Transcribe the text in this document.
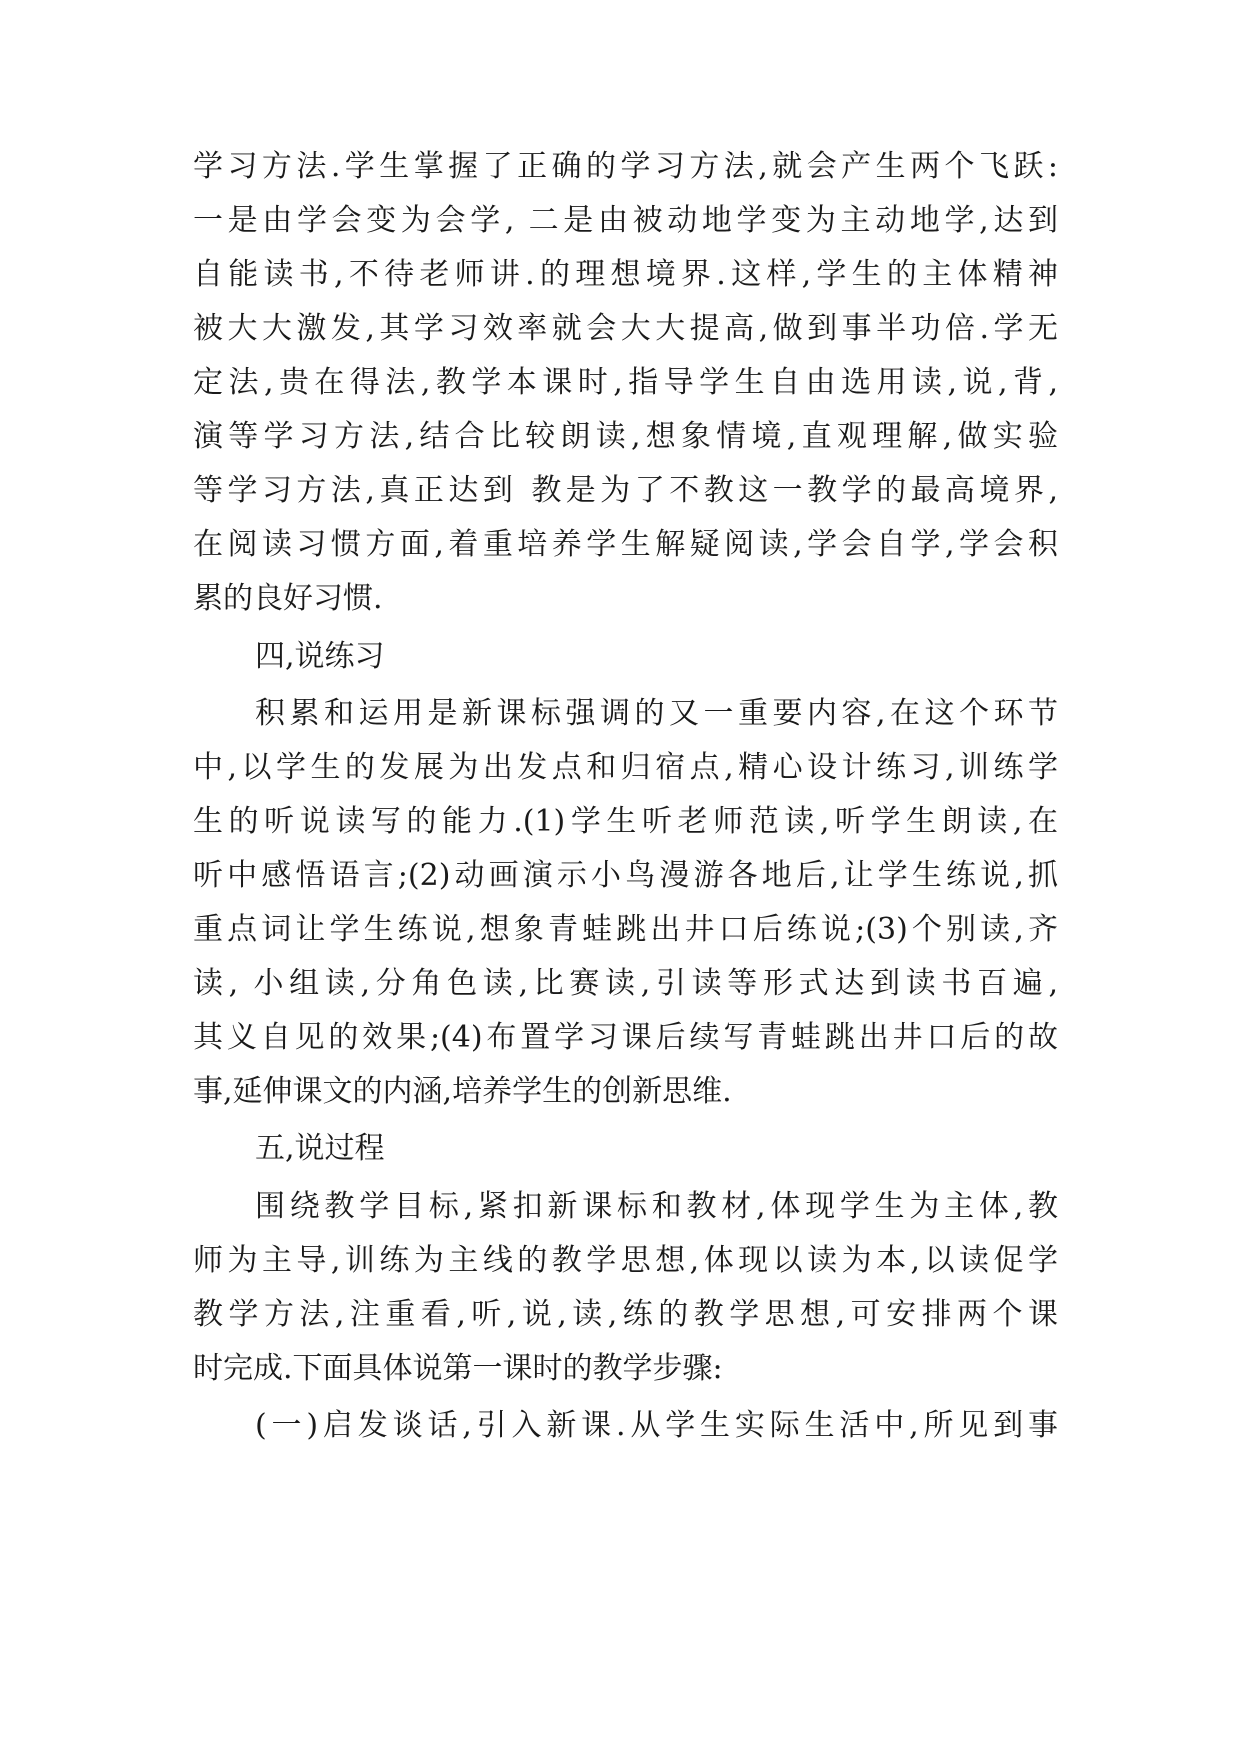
学习方法.学生掌握了正确的学习方法,就会产生两个飞跃:
一是由学会变为会学, 二是由被动地学变为主动地学,达到
自能读书,不待老师讲.的理想境界.这样,学生的主体精神
被大大激发,其学习效率就会大大提高,做到事半功倍.学无
定法,贵在得法,教学本课时,指导学生自由选用读,说,背,
演等学习方法,结合比较朗读,想象情境,直观理解,做实验
等学习方法,真正达到 教是为了不教这一教学的最高境界,
在阅读习惯方面,着重培养学生解疑阅读,学会自学,学会积
累的良好习惯.
四,说练习
积累和运用是新课标强调的又一重要内容,在这个环节
中,以学生的发展为出发点和归宿点,精心设计练习,训练学
生的听说读写的能力.(1)学生听老师范读,听学生朗读,在
听中感悟语言;(2)动画演示小鸟漫游各地后,让学生练说,抓
重点词让学生练说,想象青蛙跳出井口后练说;(3)个别读,齐
读, 小组读,分角色读,比赛读,引读等形式达到读书百遍,
其义自见的效果;(4)布置学习课后续写青蛙跳出井口后的故
事,延伸课文的内涵,培养学生的创新思维.
五,说过程
围绕教学目标,紧扣新课标和教材,体现学生为主体,教
师为主导,训练为主线的教学思想,体现以读为本,以读促学
教学方法,注重看,听,说,读,练的教学思想,可安排两个课
时完成.下面具体说第一课时的教学步骤:
(一)启发谈话,引入新课.从学生实际生活中,所见到事
